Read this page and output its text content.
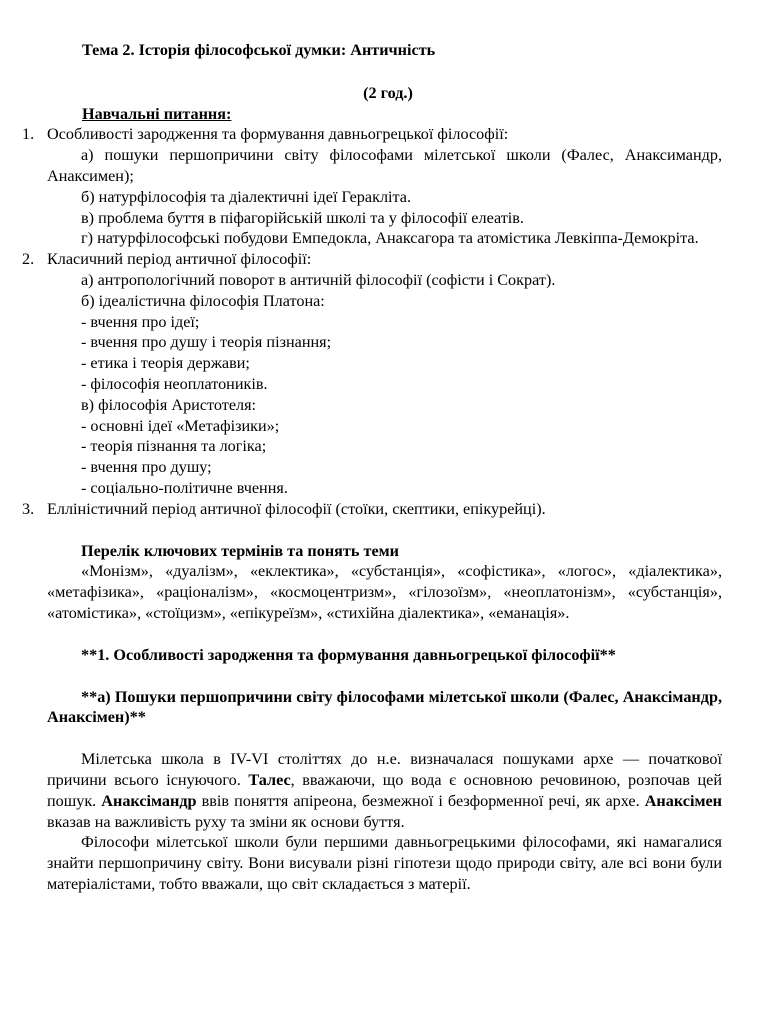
Тема 2. Історія філософської думки: Античність
(2 год.)
Навчальні питання:
1. Особливості зародження та формування давньогрецької філософії:
а) пошуки першопричини світу філософами мілетської школи (Фалес, Анаксимандр, Анаксимен);
б) натурфілософія та діалектичні ідеї Геракліта.
в) проблема буття в піфагорійській школі та у філософії елеатів.
г) натурфілософські побудови Емпедокла, Анаксагора та атомістика Левкіппа-Демокріта.
2. Класичний період античної філософії:
а) антропологічний поворот в античній філософії (софісти і Сократ).
б) ідеалістична філософія Платона:
- вчення про ідеї;
- вчення про душу і теорія пізнання;
- етика і теорія держави;
- філософія неоплатоників.
в) філософія Аристотеля:
- основні ідеї «Метафізики»;
- теорія пізнання та логіка;
- вчення про душу;
- соціально-політичне вчення.
3. Елліністичний період античної філософії (стоїки, скептики, епікурейці).
Перелік ключових термінів та понять теми
«Монізм», «дуалізм», «еклектика», «субстанція», «софістика», «логос», «діалектика», «метафізика», «раціоналізм», «космоцентризм», «гілозоїзм», «неоплатонізм», «субстанція», «атомістика», «стоїцизм», «епікуреїзм», «стихійна діалектика», «еманація».
**1. Особливості зародження та формування давньогрецької філософії**
**а) Пошуки першопричини світу філософами мілетської школи (Фалес, Анаксімандр, Анаксімен)**
Мілетська школа в IV-VI століттях до н.е. визначалася пошуками архе — початкової причини всього існуючого. Талес, вважаючи, що вода є основною речовиною, розпочав цей пошук. Анаксімандр ввів поняття апіреона, безмежної і безформенної речі, як архе. Анаксімен вказав на важливість руху та зміни як основи буття.
Філософи мілетської школи були першими давньогрецькими філософами, які намагалися знайти першопричину світу. Вони висували різні гіпотези щодо природи світу, але всі вони були матеріалістами, тобто вважали, що світ складається з матерії.
